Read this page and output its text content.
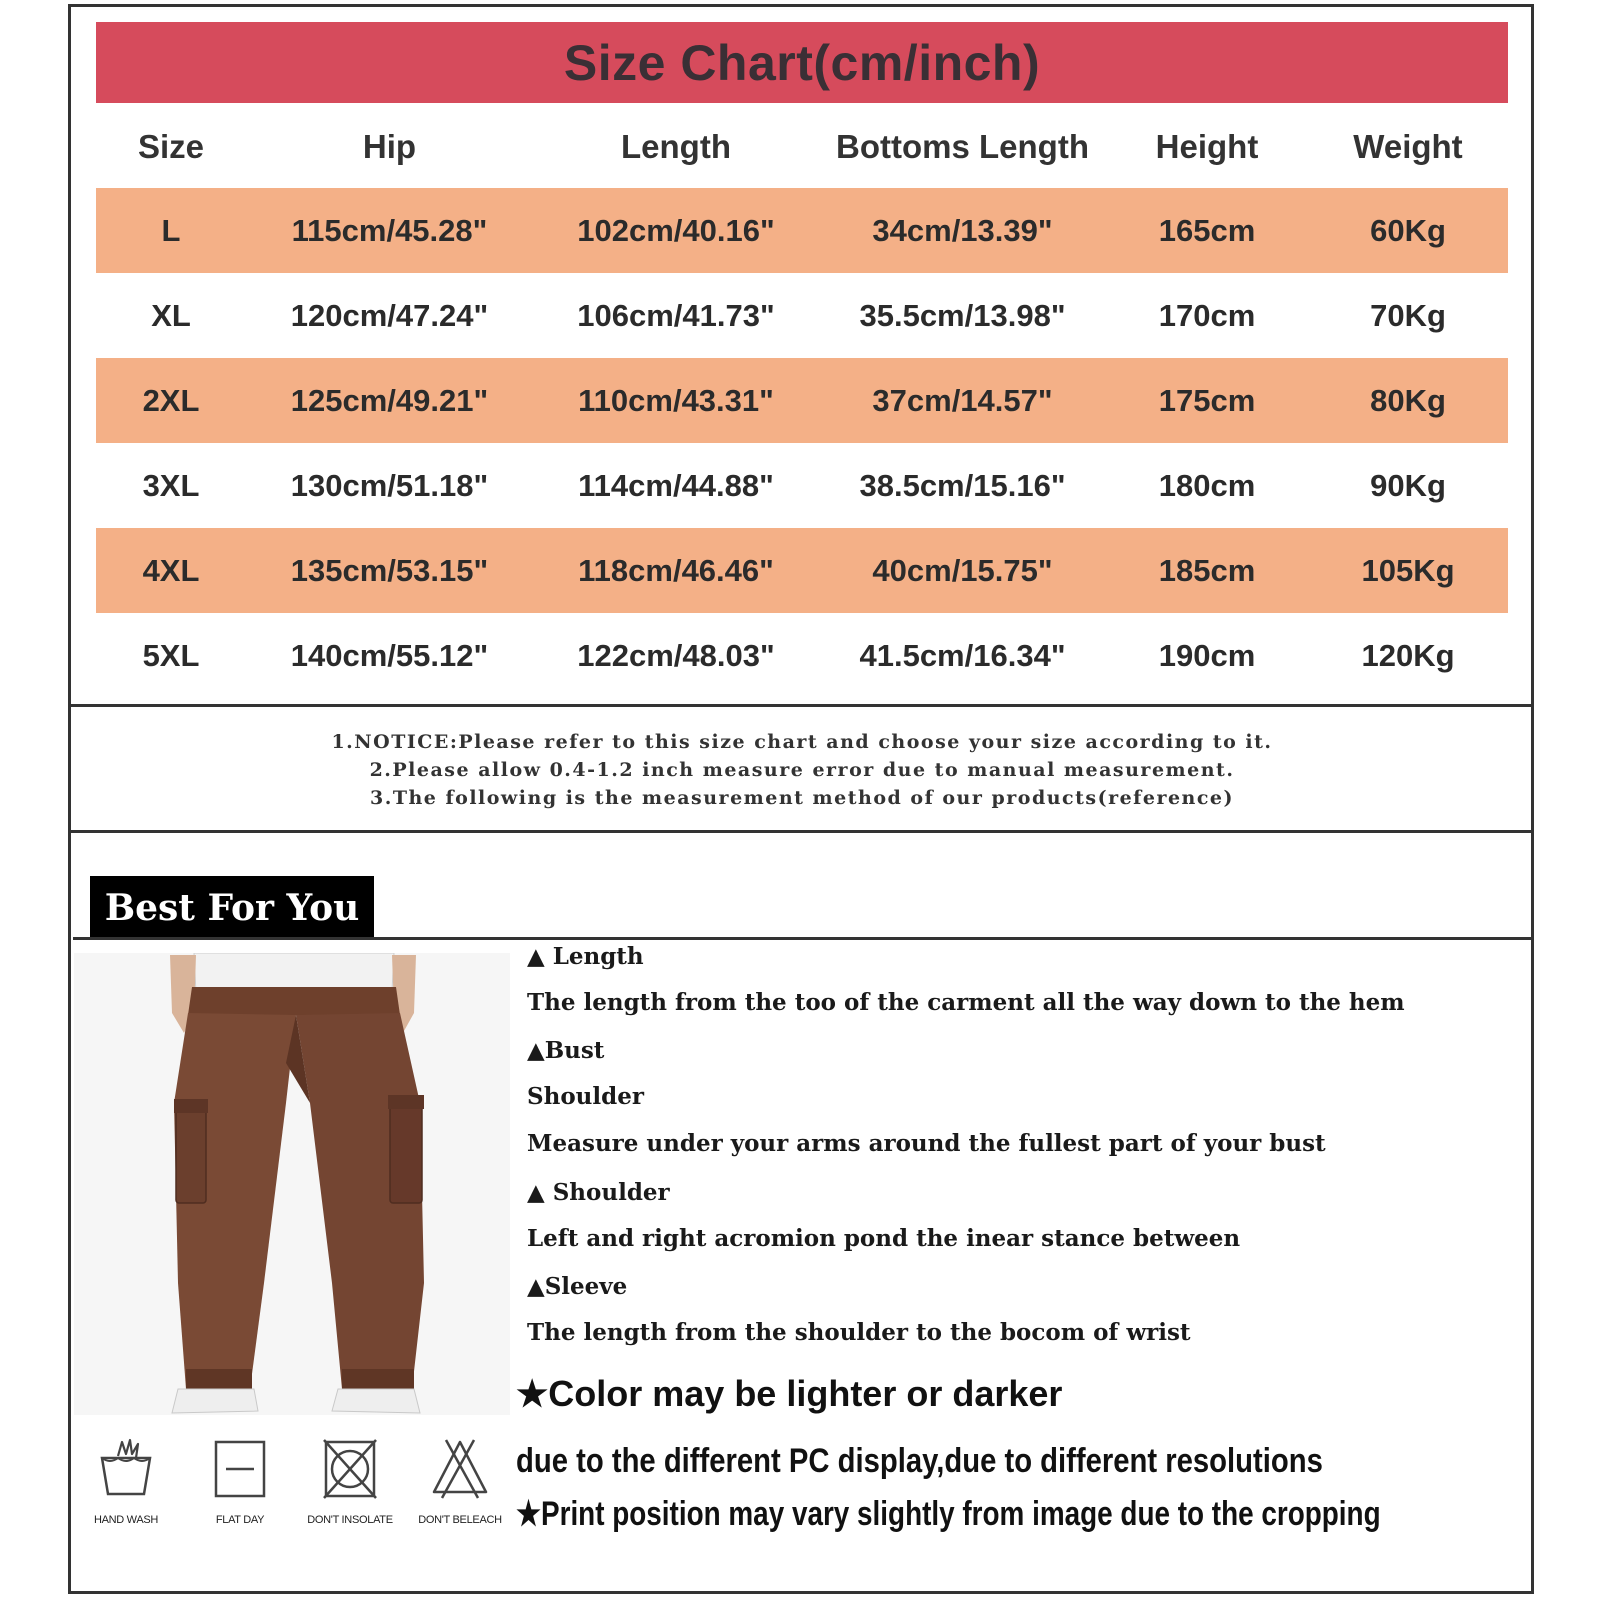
Size Chart(cm/inch)
Size	Hip	Length	Bottoms Length	Height	Weight
L	115cm/45.28"	102cm/40.16"	34cm/13.39"	165cm	60Kg
XL	120cm/47.24"	106cm/41.73"	35.5cm/13.98"	170cm	70Kg
2XL	125cm/49.21"	110cm/43.31"	37cm/14.57"	175cm	80Kg
3XL	130cm/51.18"	114cm/44.88"	38.5cm/15.16"	180cm	90Kg
4XL	135cm/53.15"	118cm/46.46"	40cm/15.75"	185cm	105Kg
5XL	140cm/55.12"	122cm/48.03"	41.5cm/16.34"	190cm	120Kg
1.NOTICE:Please refer to this size chart and choose your size according to it.
2.Please allow 0.4-1.2 inch measure error due to manual measurement.
3.The following is the measurement method of our products(reference)
Best For You
▲ Length
The length from the too of the carment all the way down to the hem
▲Bust
Shoulder
Measure under your arms around the fullest part of your bust
▲ Shoulder
Left and right acromion pond the inear stance between
▲Sleeve
The length from the shoulder to the bocom of wrist
★Color may be lighter or darker
due to the different PC display,due to different resolutions
★Print position may vary slightly from image due to the cropping
HAND WASH	FLAT DAY	DON'T INSOLATE	DON'T BELEACH
